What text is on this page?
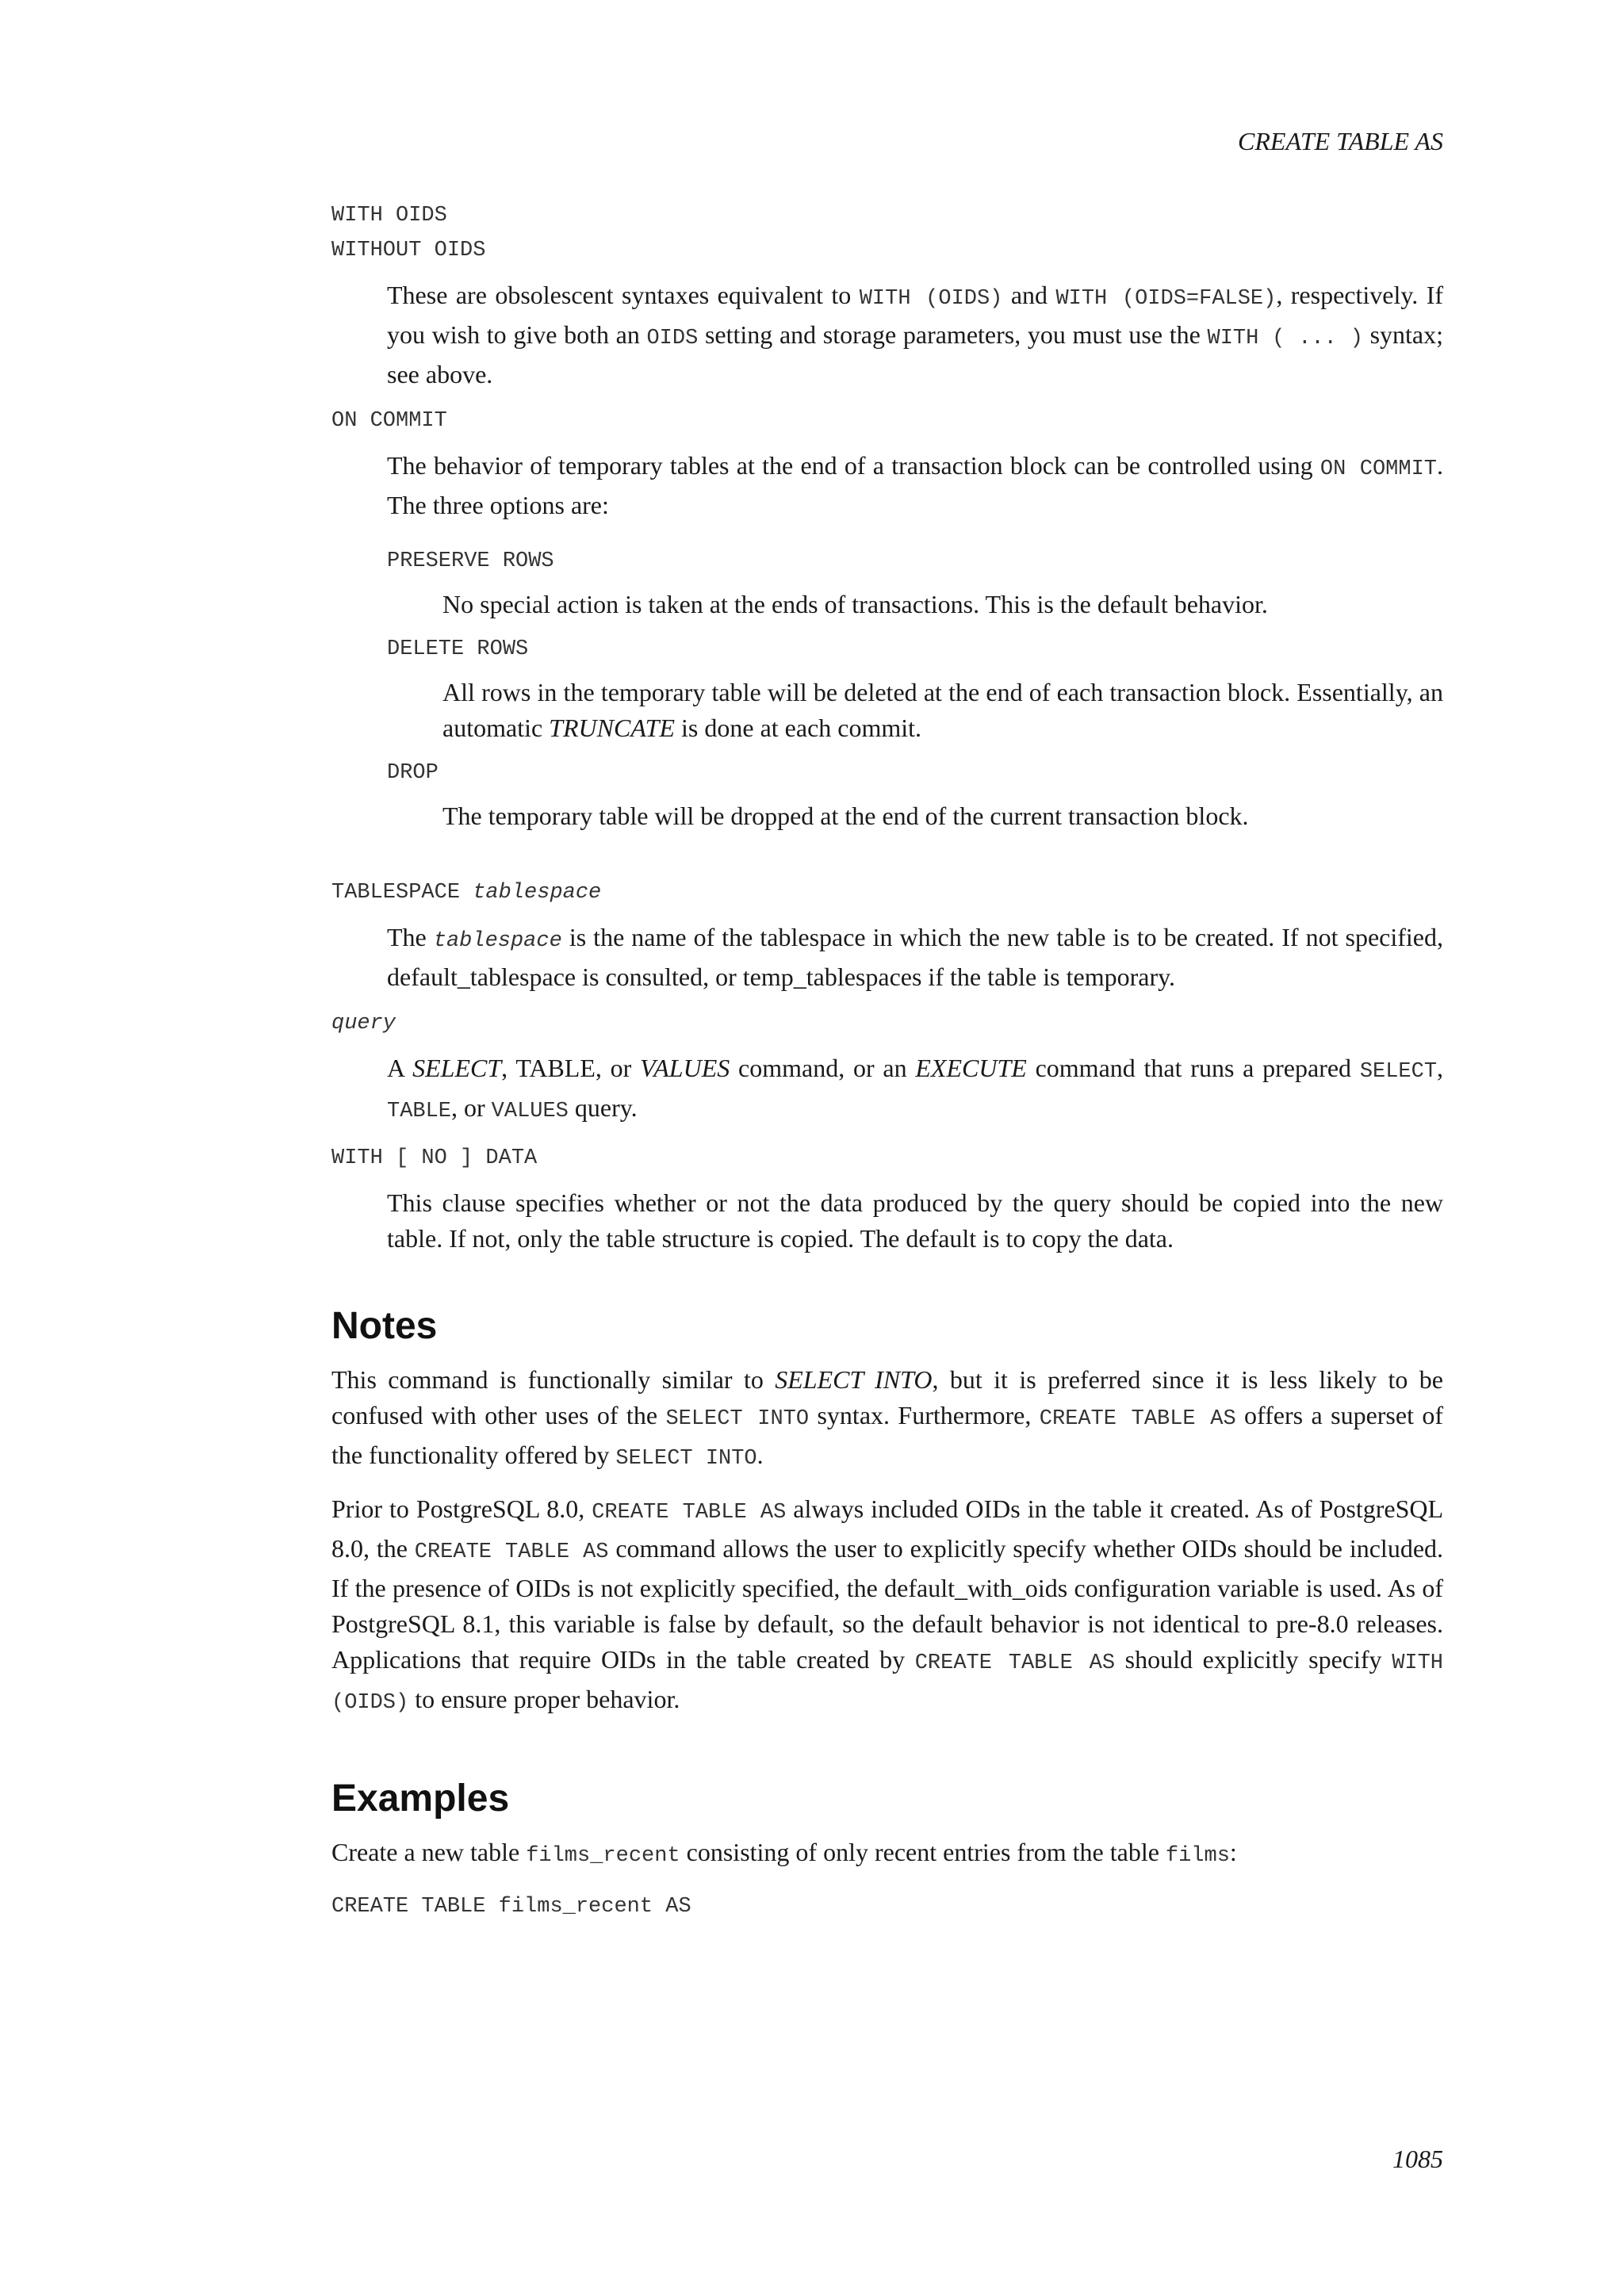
CREATE TABLE AS
WITH OIDS
WITHOUT OIDS
These are obsolescent syntaxes equivalent to WITH (OIDS) and WITH (OIDS=FALSE), respectively. If you wish to give both an OIDS setting and storage parameters, you must use the WITH ( ... ) syntax; see above.
ON COMMIT
The behavior of temporary tables at the end of a transaction block can be controlled using ON COMMIT. The three options are:
PRESERVE ROWS
No special action is taken at the ends of transactions. This is the default behavior.
DELETE ROWS
All rows in the temporary table will be deleted at the end of each transaction block. Essentially, an automatic TRUNCATE is done at each commit.
DROP
The temporary table will be dropped at the end of the current transaction block.
TABLESPACE tablespace
The tablespace is the name of the tablespace in which the new table is to be created. If not specified, default_tablespace is consulted, or temp_tablespaces if the table is temporary.
query
A SELECT, TABLE, or VALUES command, or an EXECUTE command that runs a prepared SELECT, TABLE, or VALUES query.
WITH [ NO ] DATA
This clause specifies whether or not the data produced by the query should be copied into the new table. If not, only the table structure is copied. The default is to copy the data.
Notes

This command is functionally similar to SELECT INTO, but it is preferred since it is less likely to be confused with other uses of the SELECT INTO syntax. Furthermore, CREATE TABLE AS offers a superset of the functionality offered by SELECT INTO.

Prior to PostgreSQL 8.0, CREATE TABLE AS always included OIDs in the table it created. As of PostgreSQL 8.0, the CREATE TABLE AS command allows the user to explicitly specify whether OIDs should be included. If the presence of OIDs is not explicitly specified, the default_with_oids configuration variable is used. As of PostgreSQL 8.1, this variable is false by default, so the default behavior is not identical to pre-8.0 releases. Applications that require OIDs in the table created by CREATE TABLE AS should explicitly specify WITH (OIDS) to ensure proper behavior.

Examples

Create a new table films_recent consisting of only recent entries from the table films:

CREATE TABLE films_recent AS
1085
